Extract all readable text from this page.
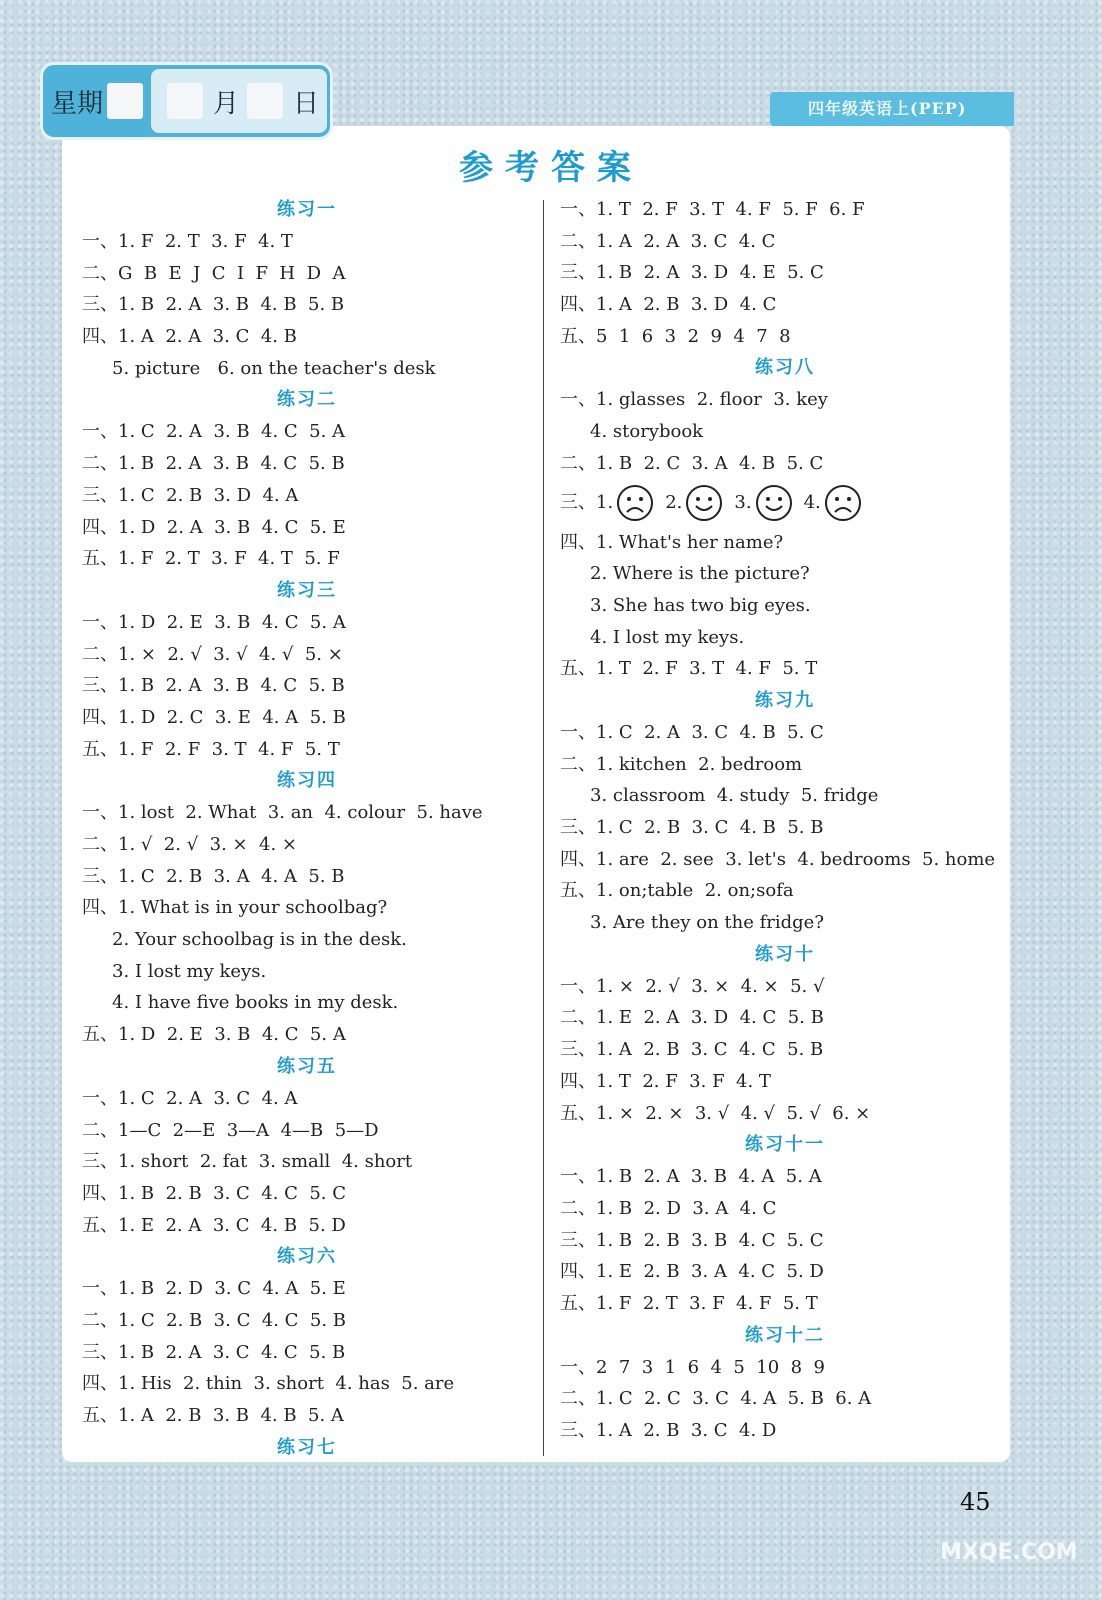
星期	月 日	四年级英语上(PEP)
参考答案
练习一
一、1. F  2. T  3. F  4. T
二、G  B  E  J  C  I  F  H  D  A
三、1. B  2. A  3. B  4. B  5. B
四、1. A  2. A  3. C  4. B
5. picture   6. on the teacher's desk
练习二
一、1. C  2. A  3. B  4. C  5. A
二、1. B  2. A  3. B  4. C  5. B
三、1. C  2. B  3. D  4. A
四、1. D  2. A  3. B  4. C  5. E
五、1. F  2. T  3. F  4. T  5. F
练习三
一、1. D  2. E  3. B  4. C  5. A
二、1. ×  2. √  3. √  4. √  5. ×
三、1. B  2. A  3. B  4. C  5. B
四、1. D  2. C  3. E  4. A  5. B
五、1. F  2. F  3. T  4. F  5. T
练习四
一、1. lost  2. What  3. an  4. colour  5. have
二、1. √  2. √  3. ×  4. ×
三、1. C  2. B  3. A  4. A  5. B
四、1. What is in your schoolbag?
2. Your schoolbag is in the desk.
3. I lost my keys.
4. I have five books in my desk.
五、1. D  2. E  3. B  4. C  5. A
练习五
一、1. C  2. A  3. C  4. A
二、1—C  2—E  3—A  4—B  5—D
三、1. short  2. fat  3. small  4. short
四、1. B  2. B  3. C  4. C  5. C
五、1. E  2. A  3. C  4. B  5. D
练习六
一、1. B  2. D  3. C  4. A  5. E
二、1. C  2. B  3. C  4. C  5. B
三、1. B  2. A  3. C  4. C  5. B
四、1. His  2. thin  3. short  4. has  5. are
五、1. A  2. B  3. B  4. B  5. A
练习七
一、1. T  2. F  3. T  4. F  5. F  6. F
二、1. A  2. A  3. C  4. C
三、1. B  2. A  3. D  4. E  5. C
四、1. A  2. B  3. D  4. C
五、5  1  6  3  2  9  4  7  8
练习八
一、1. glasses  2. floor  3. key
4. storybook
二、1. B  2. C  3. A  4. B  5. C
三、1.	2.	3.	4.
四、1. What's her name?
2. Where is the picture?
3. She has two big eyes.
4. I lost my keys.
五、1. T  2. F  3. T  4. F  5. T
练习九
一、1. C  2. A  3. C  4. B  5. C
二、1. kitchen  2. bedroom
3. classroom  4. study  5. fridge
三、1. C  2. B  3. C  4. B  5. B
四、1. are  2. see  3. let's  4. bedrooms  5. home
五、1. on;table  2. on;sofa
3. Are they on the fridge?
练习十
一、1. ×  2. √  3. ×  4. ×  5. √
二、1. E  2. A  3. D  4. C  5. B
三、1. A  2. B  3. C  4. C  5. B
四、1. T  2. F  3. F  4. T
五、1. ×  2. ×  3. √  4. √  5. √  6. ×
练习十一
一、1. B  2. A  3. B  4. A  5. A
二、1. B  2. D  3. A  4. C
三、1. B  2. B  3. B  4. C  5. C
四、1. E  2. B  3. A  4. C  5. D
五、1. F  2. T  3. F  4. F  5. T
练习十二
一、2  7  3  1  6  4  5  10  8  9
二、1. C  2. C  3. C  4. A  5. B  6. A
三、1. A  2. B  3. C  4. D
45
MXQE.COM
